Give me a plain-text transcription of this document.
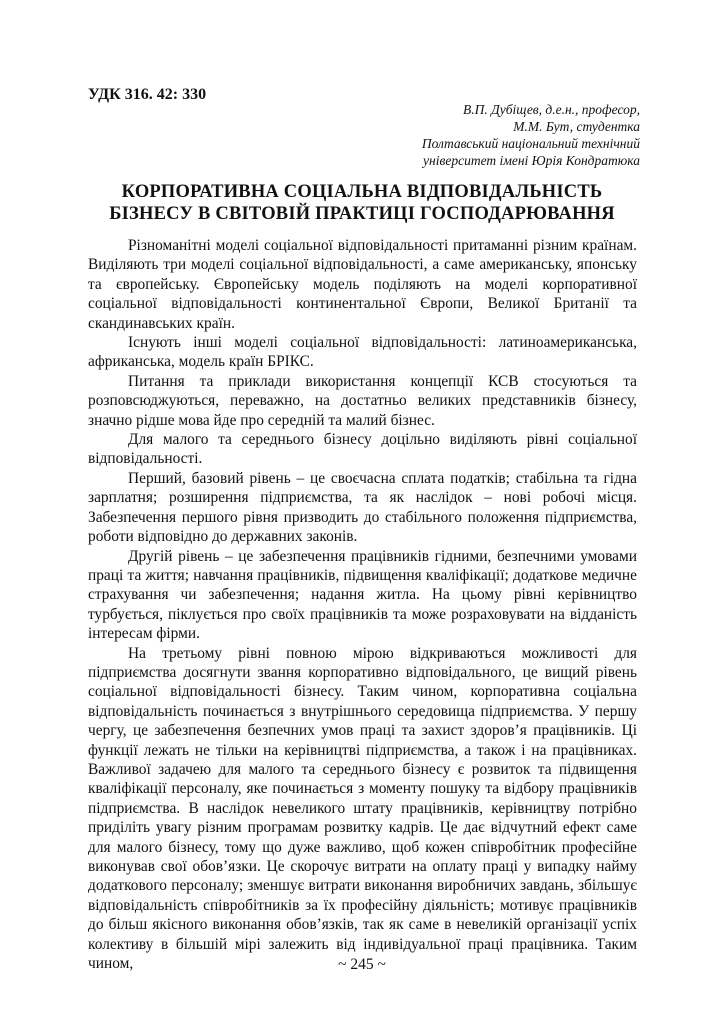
УДК 316. 42: 330
В.П. Дубіщев, д.е.н., професор,
М.М. Бут, студентка
Полтавський національний технічний
університет імені Юрія Кондратюка
КОРПОРАТИВНА СОЦІАЛЬНА ВІДПОВІДАЛЬНІСТЬ
БІЗНЕСУ В СВІТОВІЙ ПРАКТИЦІ ГОСПОДАРЮВАННЯ

Різноманітні моделі соціальної відповідальності притаманні різним країнам. Виділяють три моделі соціальної відповідальності, а саме американську, японську та європейську. Європейську модель поділяють на моделі корпоративної соціальної відповідальності континентальної Європи, Великої Британії та скандинавських країн.

Існують інші моделі соціальної відповідальності: латиноамериканська, африканська, модель країн БРІКС.

Питання та приклади використання концепції КСВ стосуються та розповсюджуються, переважно, на достатньо великих представників бізнесу, значно рідше мова йде про середній та малий бізнес.

Для малого та середнього бізнесу доцільно виділяють рівні соціальної відповідальності.

Перший, базовий рівень – це своєчасна сплата податків; стабільна та гідна зарплатня; розширення підприємства, та як наслідок – нові робочі місця. Забезпечення першого рівня призводить до стабільного положення підприємства, роботи відповідно до державних законів.

Другій рівень – це забезпечення працівників гідними, безпечними умовами праці та життя; навчання працівників, підвищення кваліфікації; додаткове медичне страхування чи забезпечення; надання житла. На цьому рівні керівництво турбується, піклується про своїх працівників та може розраховувати на відданість інтересам фірми.

На третьому рівні повною мірою відкриваються можливості для підприємства досягнути звання корпоративно відповідального, це вищий рівень соціальної відповідальності бізнесу. Таким чином, корпоративна соціальна відповідальність починається з внутрішнього середовища підприємства. У першу чергу, це забезпечення безпечних умов праці та захист здоров’я працівників. Ці функції лежать не тільки на керівництві підприємства, а також і на працівниках. Важливої задачею для малого та середнього бізнесу є розвиток та підвищення кваліфікації персоналу, яке починається з моменту пошуку та відбору працівників підприємства. В наслідок невеликого штату працівників, керівництву потрібно приділіть увагу різним програмам розвитку кадрів. Це дає відчутний ефект саме для малого бізнесу, тому що дуже важливо, щоб кожен співробітник професійне виконував свої обов’язки. Це скорочує витрати на оплату праці у випадку найму додаткового персоналу; зменшує витрати виконання виробничих завдань, збільшує відповідальність співробітників за їх професійну діяльність; мотивує працівників до більш якісного виконання обов’язків, так як саме в невеликій організації успіх колективу в більшій мірі залежить від індивідуальної праці працівника. Таким чином,	~ 245 ~
